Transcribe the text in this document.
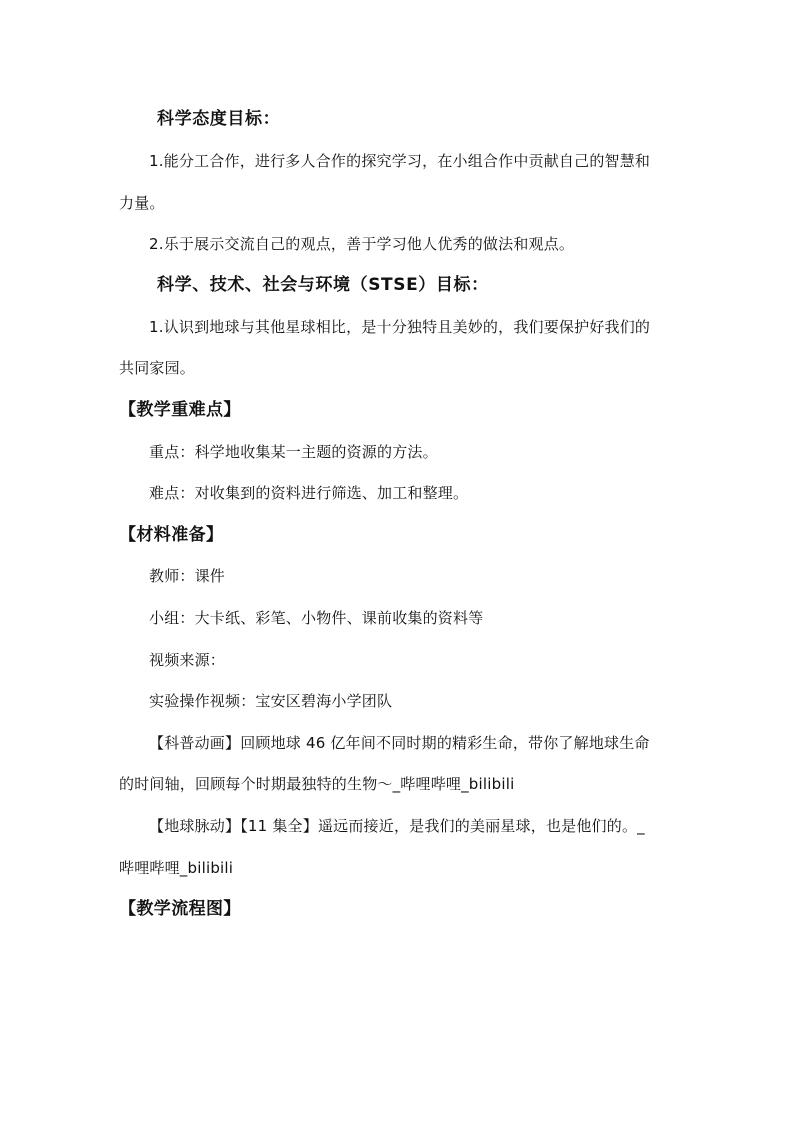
科学态度目标：
1.能分工合作，进行多人合作的探究学习，在小组合作中贡献自己的智慧和
力量。
2.乐于展示交流自己的观点，善于学习他人优秀的做法和观点。
科学、技术、社会与环境（STSE）目标：
1.认识到地球与其他星球相比，是十分独特且美妙的，我们要保护好我们的
共同家园。
【教学重难点】
重点：科学地收集某一主题的资源的方法。
难点：对收集到的资料进行筛选、加工和整理。
【材料准备】
教师：课件
小组：大卡纸、彩笔、小物件、课前收集的资料等
视频来源：
实验操作视频：宝安区碧海小学团队
【科普动画】回顾地球 46 亿年间不同时期的精彩生命，带你了解地球生命
的时间轴，回顾每个时期最独特的生物～_哔哩哔哩_bilibili
【地球脉动】【11 集全】遥远而接近，是我们的美丽星球，也是他们的。_
哔哩哔哩_bilibili
【教学流程图】
